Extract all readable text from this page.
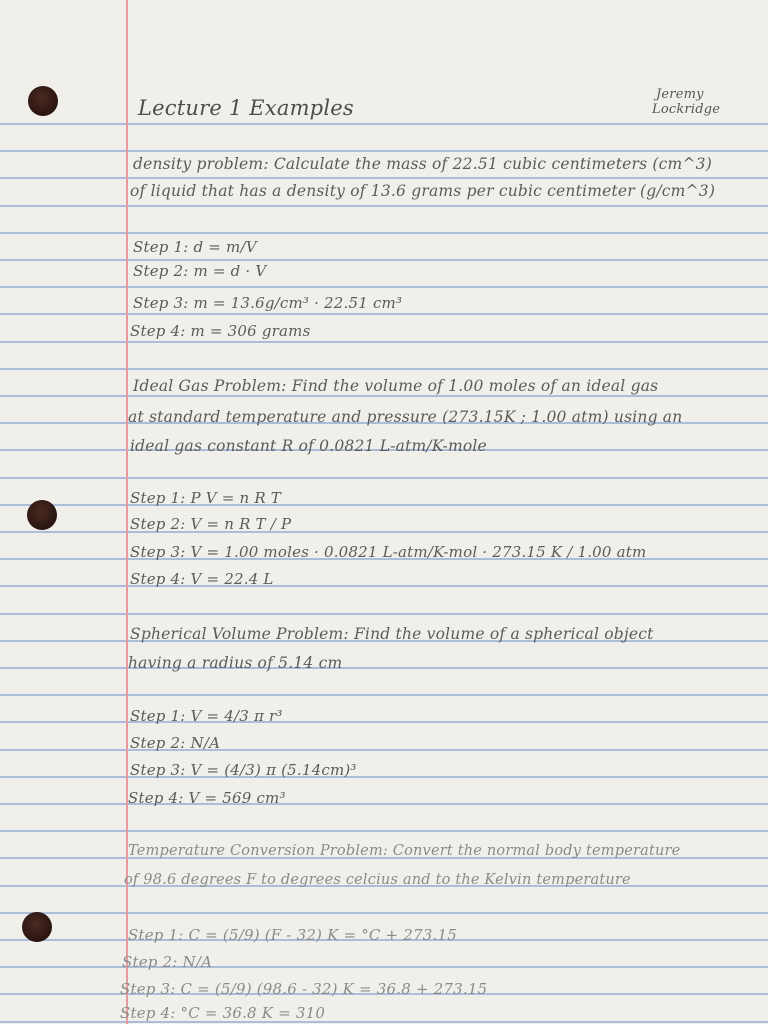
Lecture 1 Examples
Jeremy
Lockridge
density problem: Calculate the mass of 22.51 cubic centimeters (cm^3)
of liquid that has a density of 13.6 grams per cubic centimeter (g/cm^3)
Step 1: d = m/V
Step 2: m = d · V
Step 3: m = 13.6g/cm³ · 22.51 cm³
Step 4: m = 306 grams
Ideal Gas Problem: Find the volume of 1.00 moles of an ideal gas
at standard temperature and pressure (273.15K ; 1.00 atm) using an
ideal gas constant R of 0.0821 L-atm/K-mole
Step 1: P V = n R T
Step 2: V = n R T / P
Step 3: V = 1.00 moles · 0.0821 L-atm/K-mol · 273.15 K / 1.00 atm
Step 4: V = 22.4 L
Spherical Volume Problem: Find the volume of a spherical object
having a radius of 5.14 cm
Step 1: V = 4/3 π r³
Step 2: N/A
Step 3: V = (4/3) π (5.14cm)³
Step 4: V = 569 cm³
Temperature Conversion Problem: Convert the normal body temperature
of 98.6 degrees F to degrees celcius and to the Kelvin temperature
Step 1: C = (5/9) (F - 32) K = °C + 273.15
Step 2: N/A
Step 3: C = (5/9) (98.6 - 32) K = 36.8 + 273.15
Step 4: °C = 36.8 K = 310
